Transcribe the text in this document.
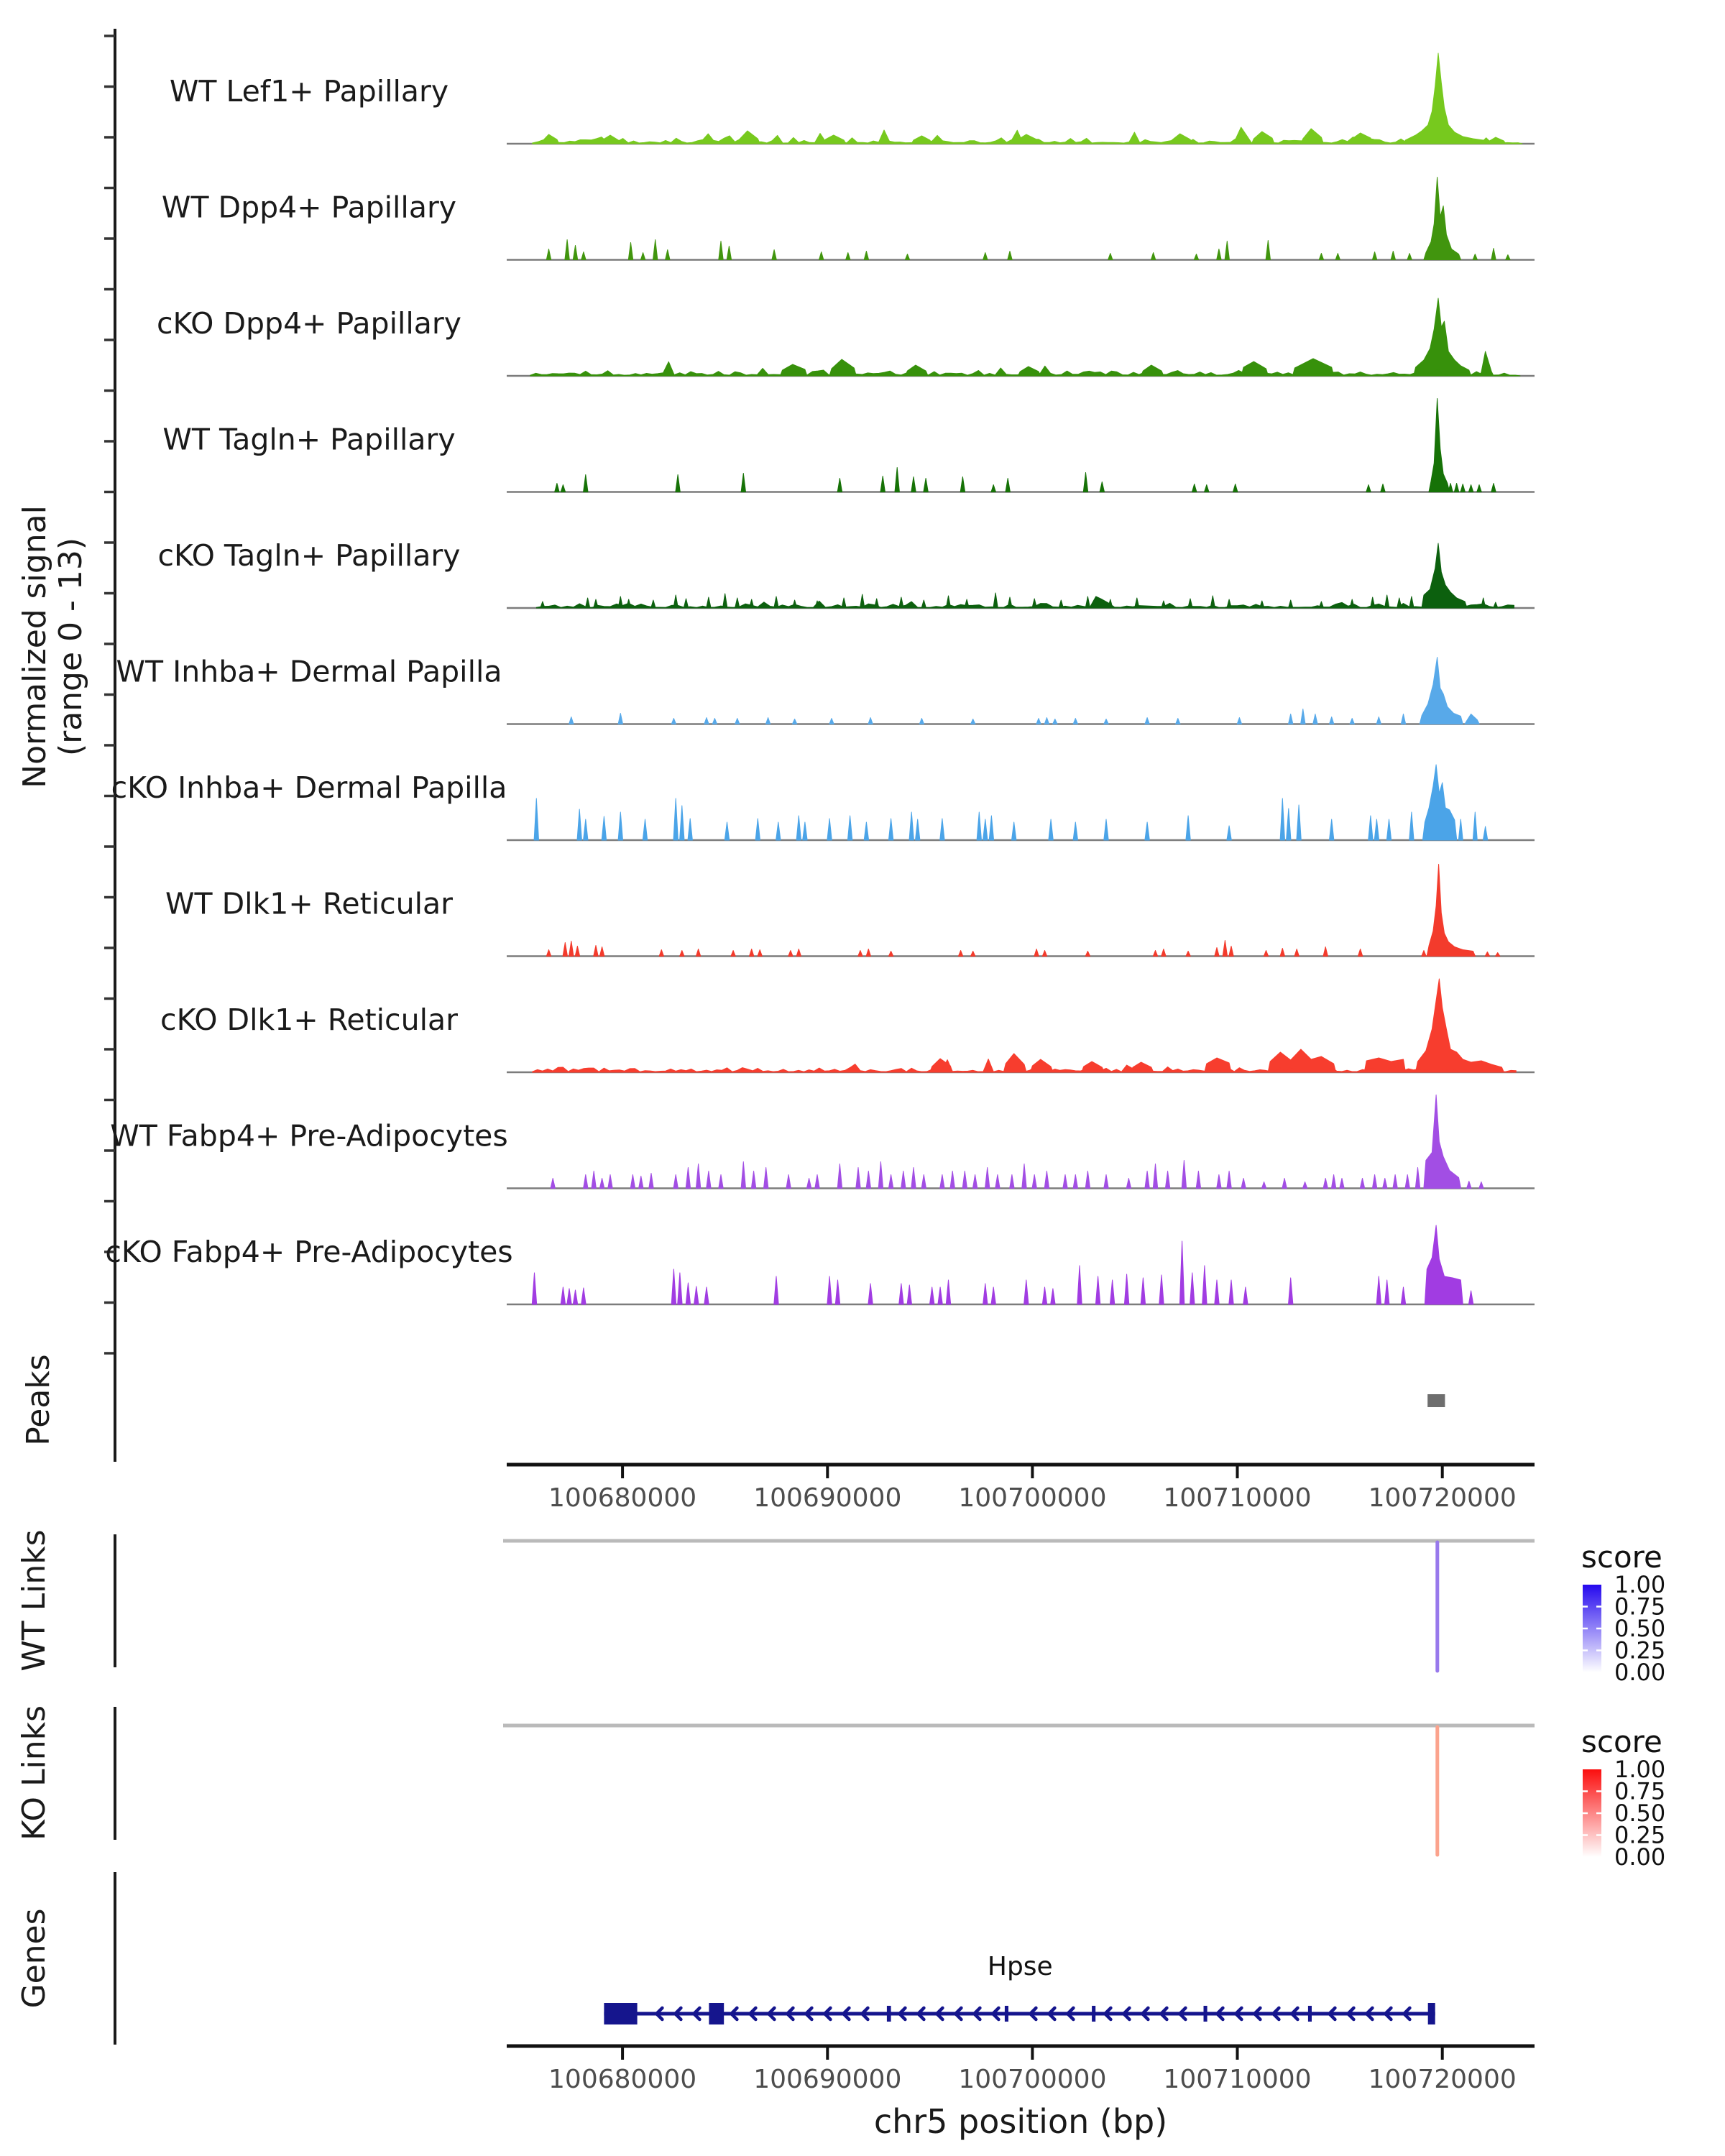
Normalized signal (range 0 - 13)
WT Lef1+ Papillary
WT Dpp4+ Papillary
cKO Dpp4+ Papillary
WT Tagln+ Papillary
cKO Tagln+ Papillary
WT Inhba+ Dermal Papilla
cKO Inhba+ Dermal Papilla
WT Dlk1+ Reticular
cKO Dlk1+ Reticular
WT Fabp4+ Pre-Adipocytes
cKO Fabp4+ Pre-Adipocytes
Peaks
100680000 100690000 100700000 100710000 100720000
WT Links	score
1.00
0.75
0.50
0.25
0.00
KO Links	score
1.00
0.75
0.50
0.25
0.00
Genes	Hpse
100680000 100690000 100700000 100710000 100720000
chr5 position (bp)
